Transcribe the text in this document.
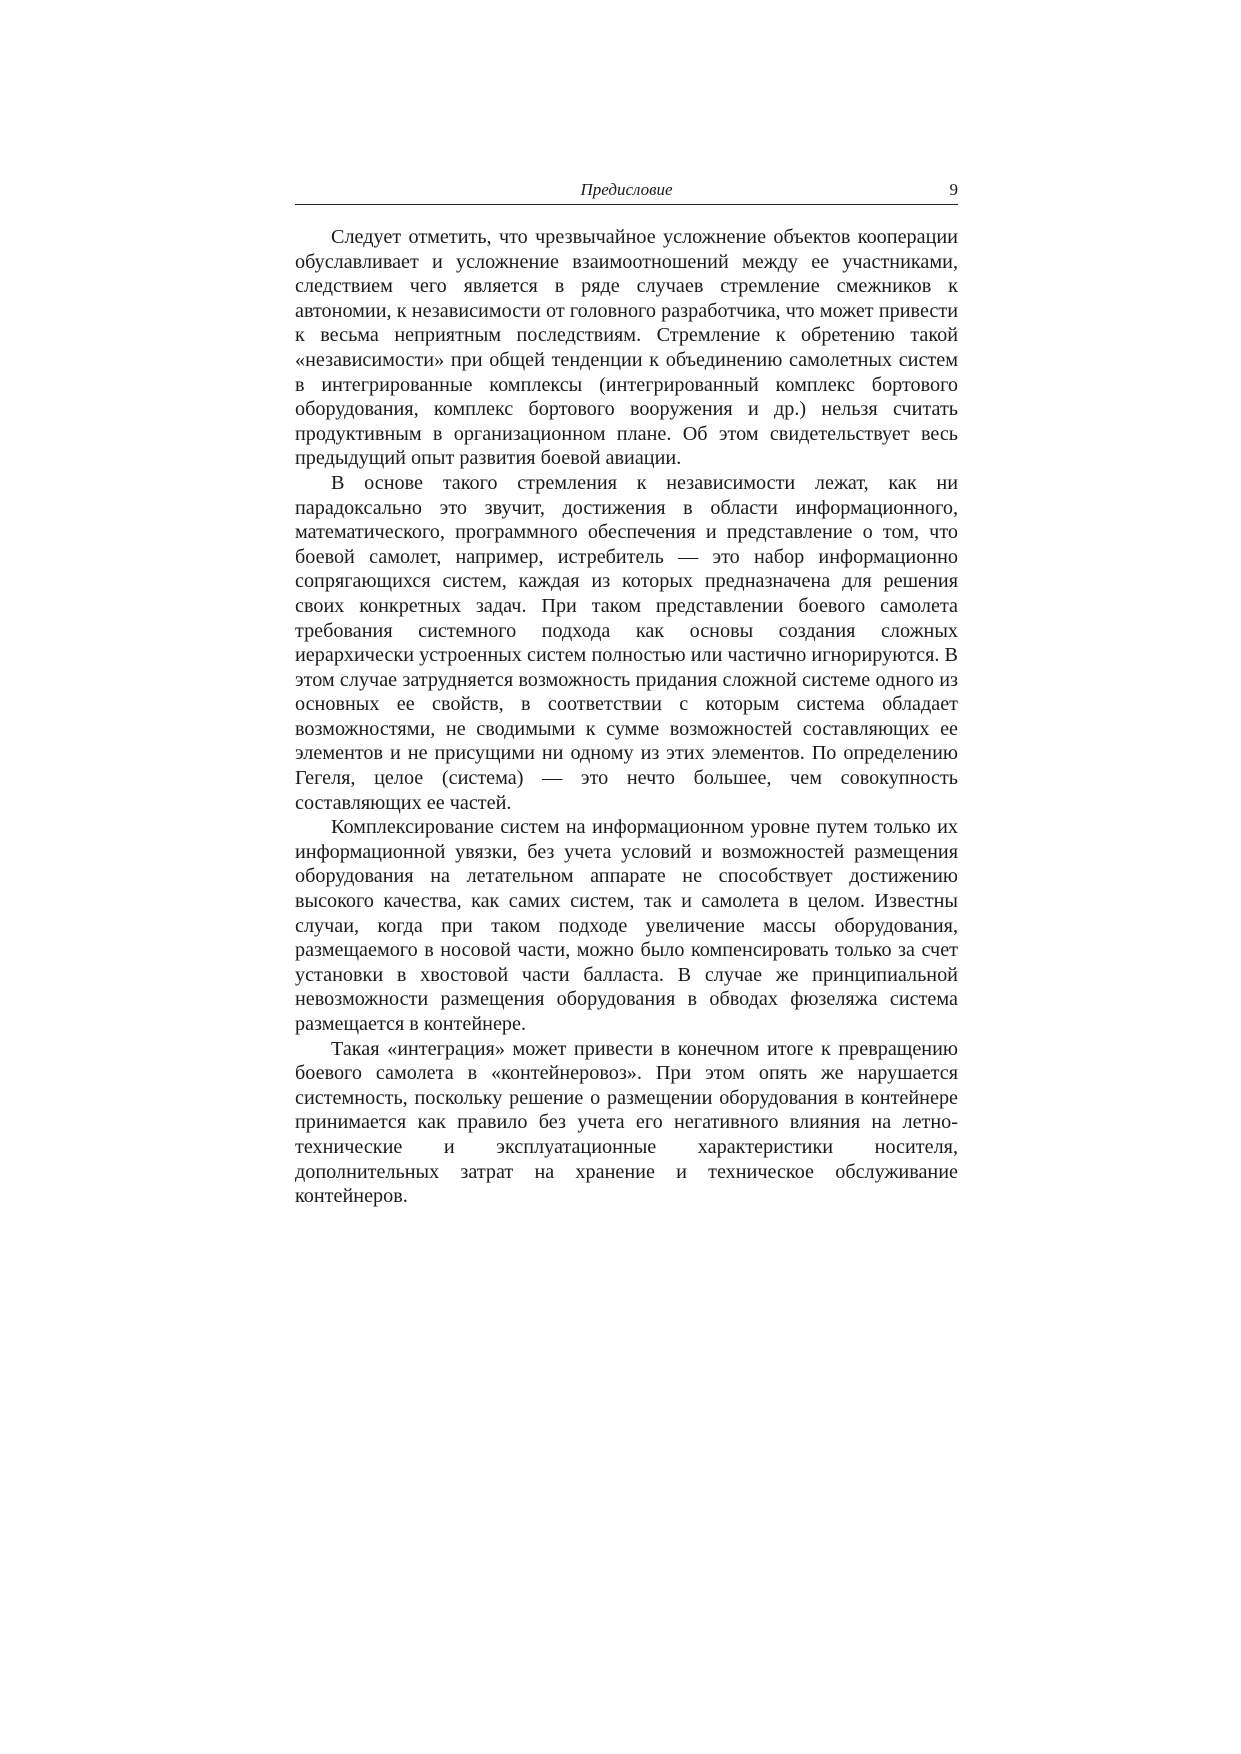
Предисловие	9

Следует отметить, что чрезвычайное усложнение объектов кооперации обуславливает и усложнение взаимоотношений между ее участниками, следствием чего является в ряде случаев стремление смежников к автономии, к независимости от головного разработчика, что может привести к весьма неприятным последствиям. Стремление к обретению такой «независимости» при общей тенденции к объединению самолетных систем в интегрированные комплексы (интегрированный комплекс бортового оборудования, комплекс бортового вооружения и др.) нельзя считать продуктивным в организационном плане. Об этом свидетельствует весь предыдущий опыт развития боевой авиации.

В основе такого стремления к независимости лежат, как ни парадоксально это звучит, достижения в области информационного, математического, программного обеспечения и представление о том, что боевой самолет, например, истребитель — это набор информационно сопрягающихся систем, каждая из которых предназначена для решения своих конкретных задач. При таком представлении боевого самолета требования системного подхода как основы создания сложных иерархически устроенных систем полностью или частично игнорируются. В этом случае затрудняется возможность придания сложной системе одного из основных ее свойств, в соответствии с которым система обладает возможностями, не сводимыми к сумме возможностей составляющих ее элементов и не присущими ни одному из этих элементов. По определению Гегеля, целое (система) — это нечто большее, чем совокупность составляющих ее частей.

Комплексирование систем на информационном уровне путем только их информационной увязки, без учета условий и возможностей размещения оборудования на летательном аппарате не способствует достижению высокого качества, как самих систем, так и самолета в целом. Известны случаи, когда при таком подходе увеличение массы оборудования, размещаемого в носовой части, можно было компенсировать только за счет установки в хвостовой части балласта. В случае же принципиальной невозможности размещения оборудования в обводах фюзеляжа система размещается в контейнере.

Такая «интеграция» может привести в конечном итоге к превращению боевого самолета в «контейнеровоз». При этом опять же нарушается системность, поскольку решение о размещении оборудования в контейнере принимается как правило без учета его негативного влияния на летно-технические и эксплуатационные характеристики носителя, дополнительных затрат на хранение и техническое обслуживание контейнеров.
